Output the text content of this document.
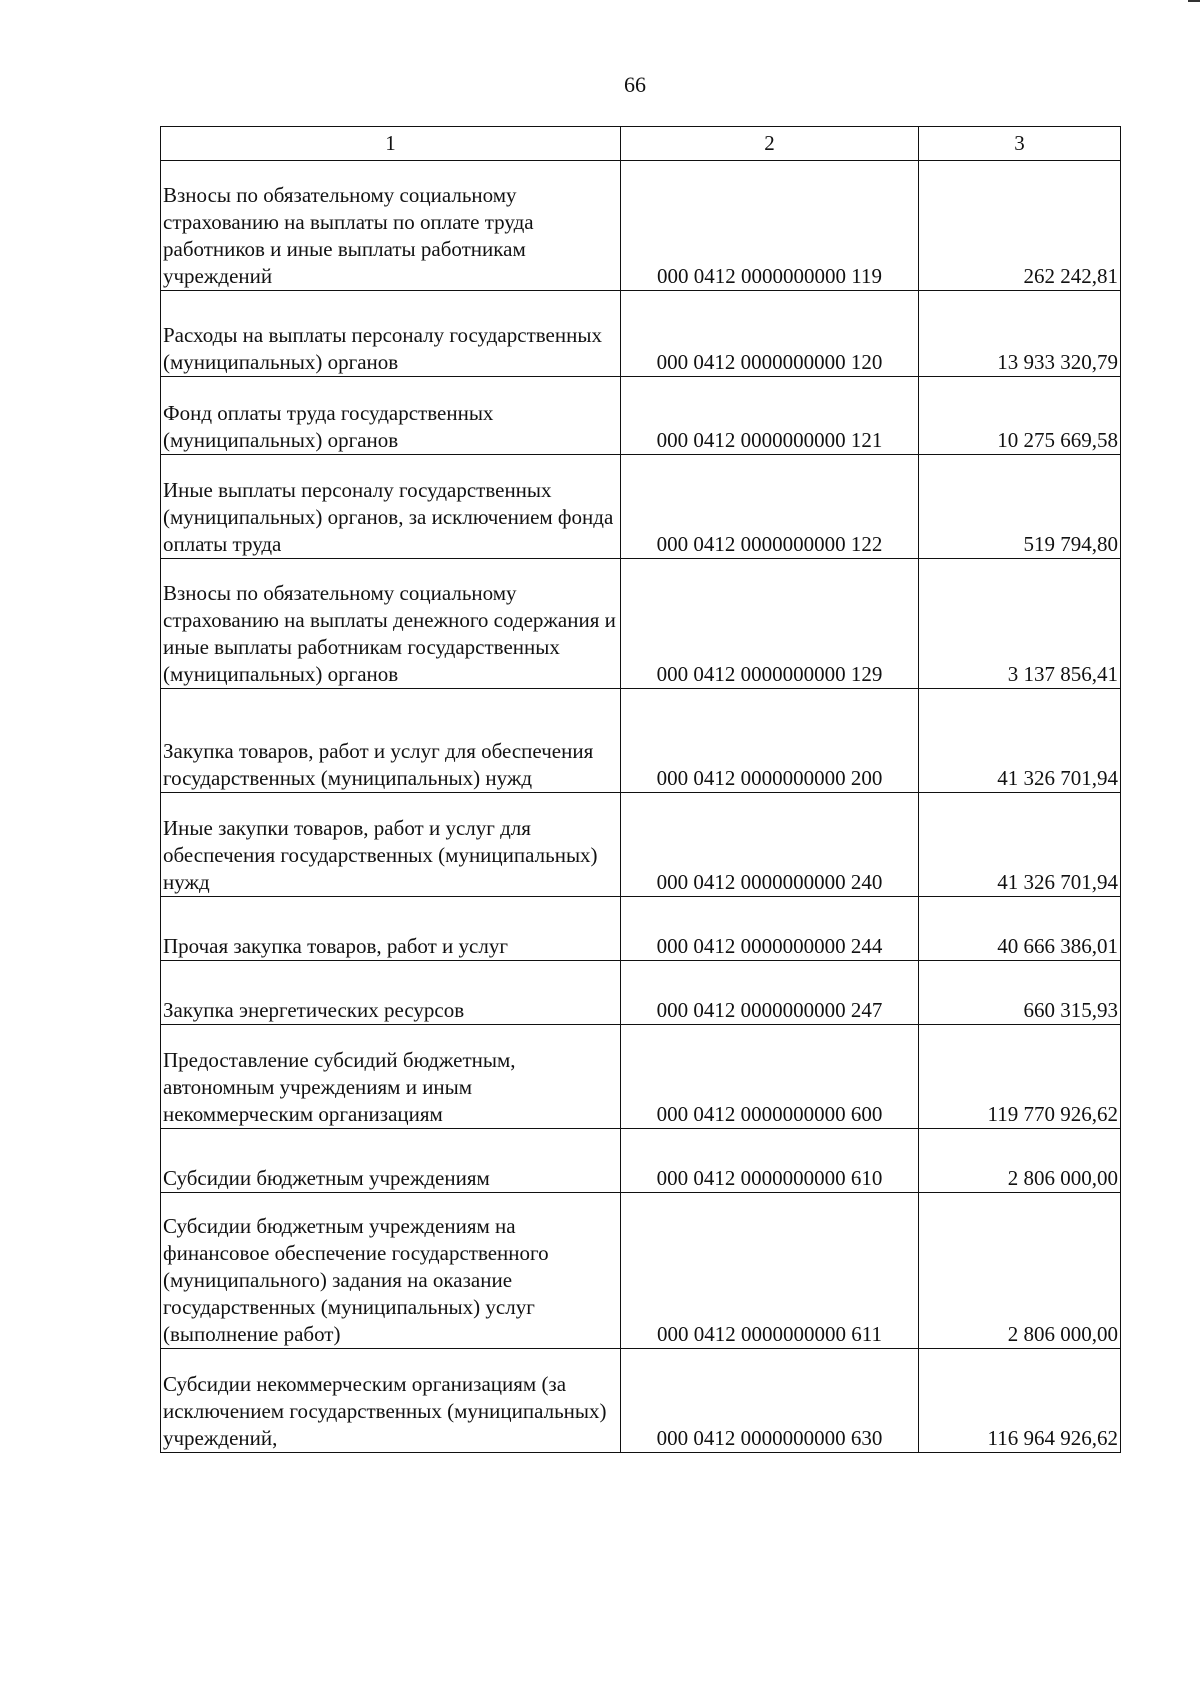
66
1	2	3
Взносы по обязательному социальному страхованию на выплаты по оплате труда работников и иные выплаты работникам учреждений	000 0412 0000000000 119	262 242,81
Расходы на выплаты персоналу государственных (муниципальных) органов	000 0412 0000000000 120	13 933 320,79
Фонд оплаты труда государственных (муниципальных) органов	000 0412 0000000000 121	10 275 669,58
Иные выплаты персоналу государственных (муниципальных) органов, за исключением фонда оплаты труда	000 0412 0000000000 122	519 794,80
Взносы по обязательному социальному страхованию на выплаты денежного содержания и иные выплаты работникам государственных (муниципальных) органов	000 0412 0000000000 129	3 137 856,41
Закупка товаров, работ и услуг для обеспечения государственных (муниципальных) нужд	000 0412 0000000000 200	41 326 701,94
Иные закупки товаров, работ и услуг для обеспечения государственных (муниципальных) нужд	000 0412 0000000000 240	41 326 701,94
Прочая закупка товаров, работ и услуг	000 0412 0000000000 244	40 666 386,01
Закупка энергетических ресурсов	000 0412 0000000000 247	660 315,93
Предоставление субсидий бюджетным, автономным учреждениям и иным некоммерческим организациям	000 0412 0000000000 600	119 770 926,62
Субсидии бюджетным учреждениям	000 0412 0000000000 610	2 806 000,00
Субсидии бюджетным учреждениям на финансовое обеспечение государственного (муниципального) задания на оказание государственных (муниципальных) услуг (выполнение работ)	000 0412 0000000000 611	2 806 000,00
Субсидии некоммерческим организациям (за исключением государственных (муниципальных) учреждений,	000 0412 0000000000 630	116 964 926,62
